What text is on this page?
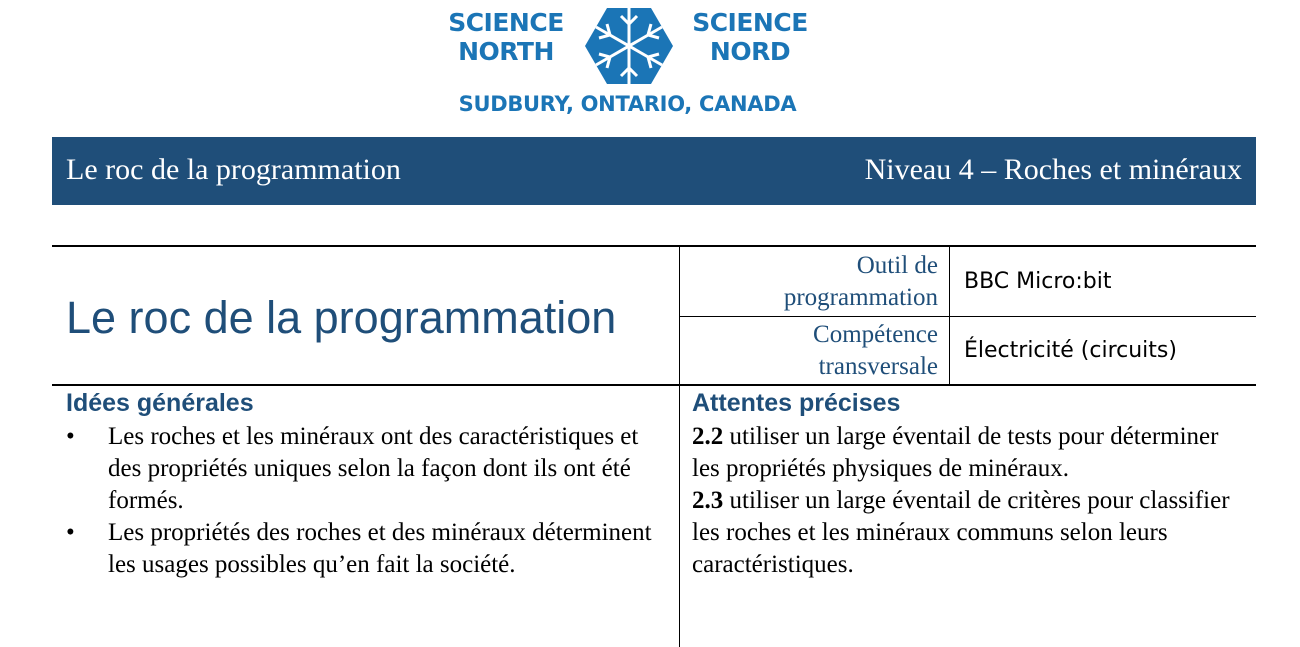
SCIENCE
NORTH
SCIENCE
NORD
SUDBURY, ONTARIO, CANADA
Le roc de la programmation	Niveau 4 – Roches et minéraux
Le roc de la programmation
Outil de
programmation
BBC Micro:bit
Compétence
transversale
Électricité (circuits)
Idées générales
• Les roches et les minéraux ont des caractéristiques et des propriétés uniques selon la façon dont ils ont été formés.
• Les propriétés des roches et des minéraux déterminent les usages possibles qu’en fait la société.
Attentes précises
2.2 utiliser un large éventail de tests pour déterminer les propriétés physiques de minéraux.
2.3 utiliser un large éventail de critères pour classifier les roches et les minéraux communs selon leurs caractéristiques.
